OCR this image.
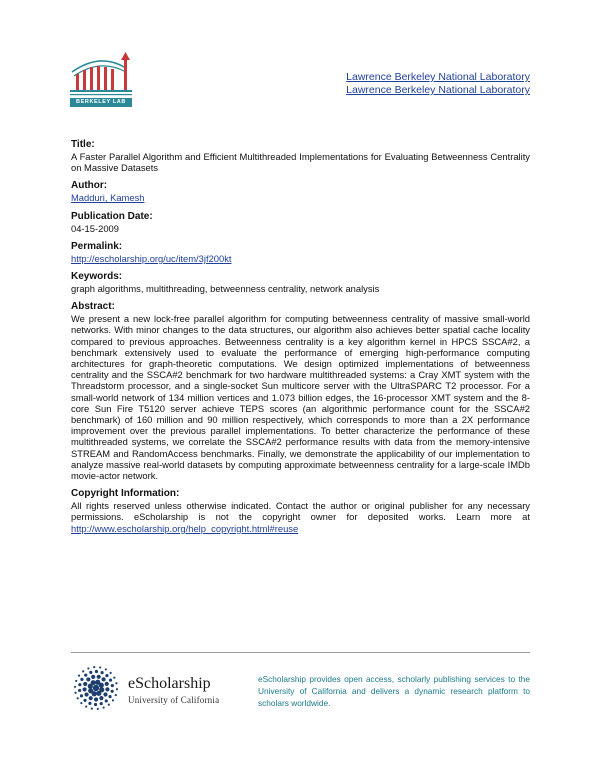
BERKELEY LAB
Lawrence Berkeley National Laboratory
Lawrence Berkeley National Laboratory

Title:

A Faster Parallel Algorithm and Efficient Multithreaded Implementations for Evaluating Betweenness Centrality on Massive Datasets

Author:

Madduri, Kamesh

Publication Date:

04-15-2009

Permalink:

http://escholarship.org/uc/item/3jf200kt

Keywords:

graph algorithms, multithreading, betweenness centrality, network analysis

Abstract:

We present a new lock-free parallel algorithm for computing betweenness centrality of massive small-world networks. With minor changes to the data structures, our algorithm also achieves better spatial cache locality compared to previous approaches. Betweenness centrality is a key algorithm kernel in HPCS SSCA#2, a benchmark extensively used to evaluate the performance of emerging high-performance computing architectures for graph-theoretic computations. We design optimized implementations of betweenness centrality and the SSCA#2 benchmark for two hardware multithreaded systems: a Cray XMT system with the Threadstorm processor, and a single-socket Sun multicore server with the UltraSPARC T2 processor. For a small-world network of 134 million vertices and 1.073 billion edges, the 16-processor XMT system and the 8-core Sun Fire T5120 server achieve TEPS scores (an algorithmic performance count for the SSCA#2 benchmark) of 160 million and 90 million respectively, which corresponds to more than a 2X performance improvement over the previous parallel implementations. To better characterize the performance of these multithreaded systems, we correlate the SSCA#2 performance results with data from the memory-intensive STREAM and RandomAccess benchmarks. Finally, we demonstrate the applicability of our implementation to analyze massive real-world datasets by computing approximate betweenness centrality for a large-scale IMDb movie-actor network.

Copyright Information:

All rights reserved unless otherwise indicated. Contact the author or original publisher for any necessary permissions. eScholarship is not the copyright owner for deposited works. Learn more at http://www.escholarship.org/help_copyright.html#reuse

eScholarship
University of California
eScholarship provides open access, scholarly publishing services to the University of California and delivers a dynamic research platform to scholars worldwide.
